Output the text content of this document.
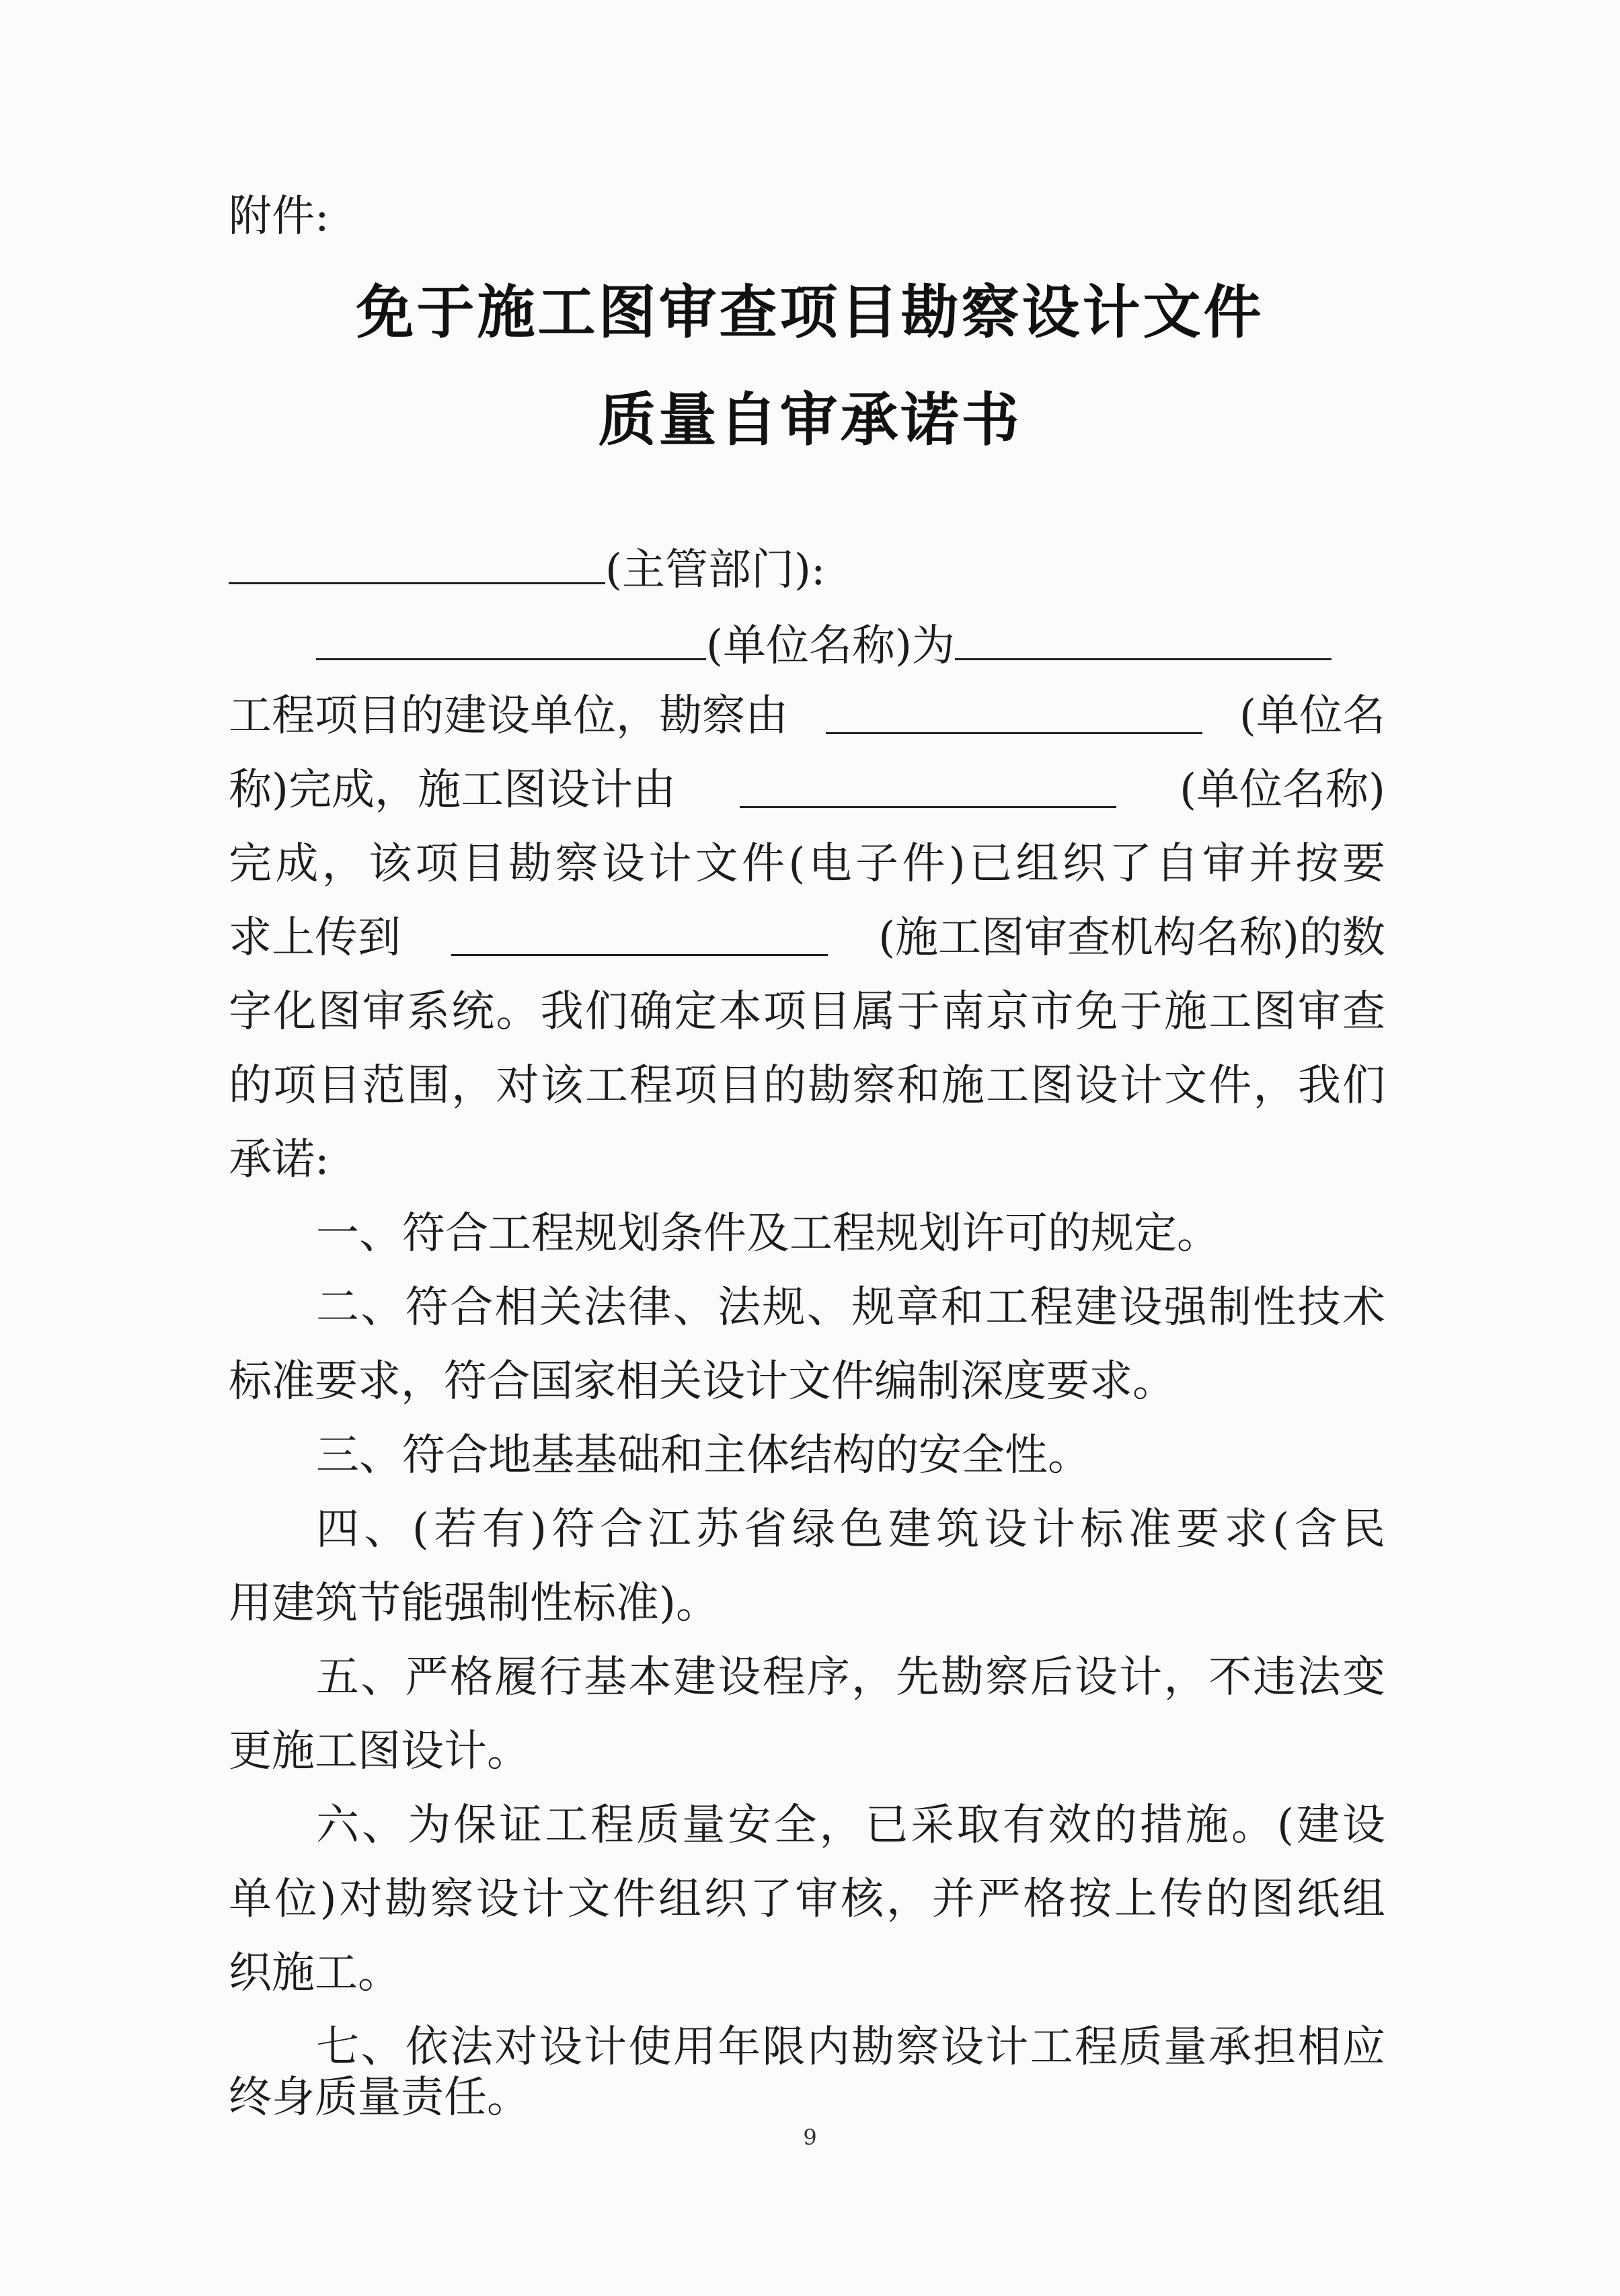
附件:
免于施工图审查项目勘察设计文件
质量自审承诺书
(主管部门):
(单位名称)为
工程项目的建设单位，勘察由	(单位名
称)完成，施工图设计由	(单位名称)
完成，该项目勘察设计文件(电子件)已组织了自审并按要
求上传到	(施工图审查机构名称)的数
字化图审系统。我们确定本项目属于南京市免于施工图审查
的项目范围，对该工程项目的勘察和施工图设计文件，我们
承诺:
一、符合工程规划条件及工程规划许可的规定。
二、符合相关法律、法规、规章和工程建设强制性技术
标准要求，符合国家相关设计文件编制深度要求。
三、符合地基基础和主体结构的安全性。
四、(若有)符合江苏省绿色建筑设计标准要求(含民
用建筑节能强制性标准)。
五、严格履行基本建设程序，先勘察后设计，不违法变
更施工图设计。
六、为保证工程质量安全，已采取有效的措施。(建设
单位)对勘察设计文件组织了审核，并严格按上传的图纸组
织施工。
七、依法对设计使用年限内勘察设计工程质量承担相应
终身质量责任。
9
